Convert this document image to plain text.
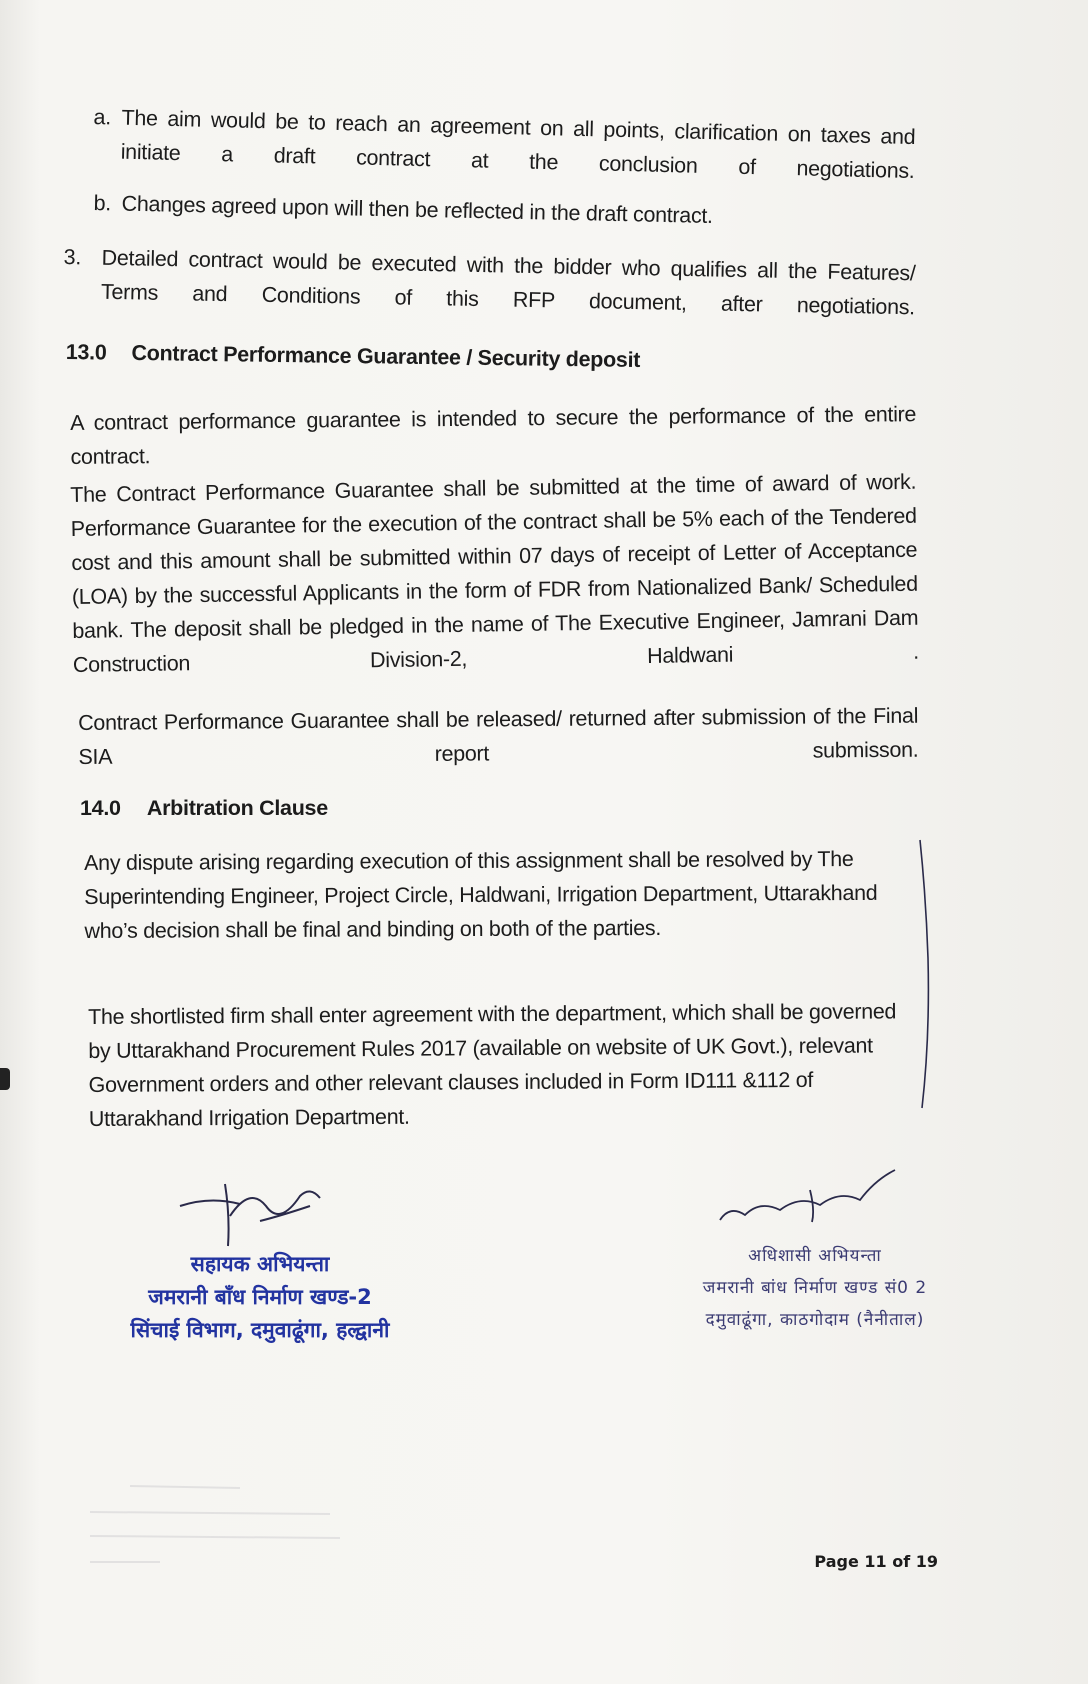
a. The aim would be to reach an agreement on all points, clarification on taxes and initiate a draft contract at the conclusion of negotiations.
b. Changes agreed upon will then be reflected in the draft contract.
3. Detailed contract would be executed with the bidder who qualifies all the Features/ Terms and Conditions of this RFP document, after negotiations.
13.0 Contract Performance Guarantee / Security deposit
A contract performance guarantee is intended to secure the performance of the entire contract.
The Contract Performance Guarantee shall be submitted at the time of award of work. Performance Guarantee for the execution of the contract shall be 5% each of the Tendered cost and this amount shall be submitted within 07 days of receipt of Letter of Acceptance (LOA) by the successful Applicants in the form of FDR from Nationalized Bank/ Scheduled bank. The deposit shall be pledged in the name of The Executive Engineer, Jamrani Dam Construction Division-2, Haldwani .
Contract Performance Guarantee shall be released/ returned after submission of the Final SIA report submisson.
14.0 Arbitration Clause
Any dispute arising regarding execution of this assignment shall be resolved by The Superintending Engineer, Project Circle, Haldwani, Irrigation Department, Uttarakhand who’s decision shall be final and binding on both of the parties.
The shortlisted firm shall enter agreement with the department, which shall be governed by Uttarakhand Procurement Rules 2017 (available on website of UK Govt.), relevant Government orders and other relevant clauses included in Form ID111 &112 of Uttarakhand Irrigation Department.
सहायक अभियन्ता
जमरानी बाँध निर्माण खण्ड-2
सिंचाई विभाग, दमुवाढूंगा, हल्द्वानी
अधिशासी अभियन्ता
जमरानी बांध निर्माण खण्ड सं0 2
दमुवाढूंगा, काठगोदाम (नैनीताल)
Page 11 of 19
